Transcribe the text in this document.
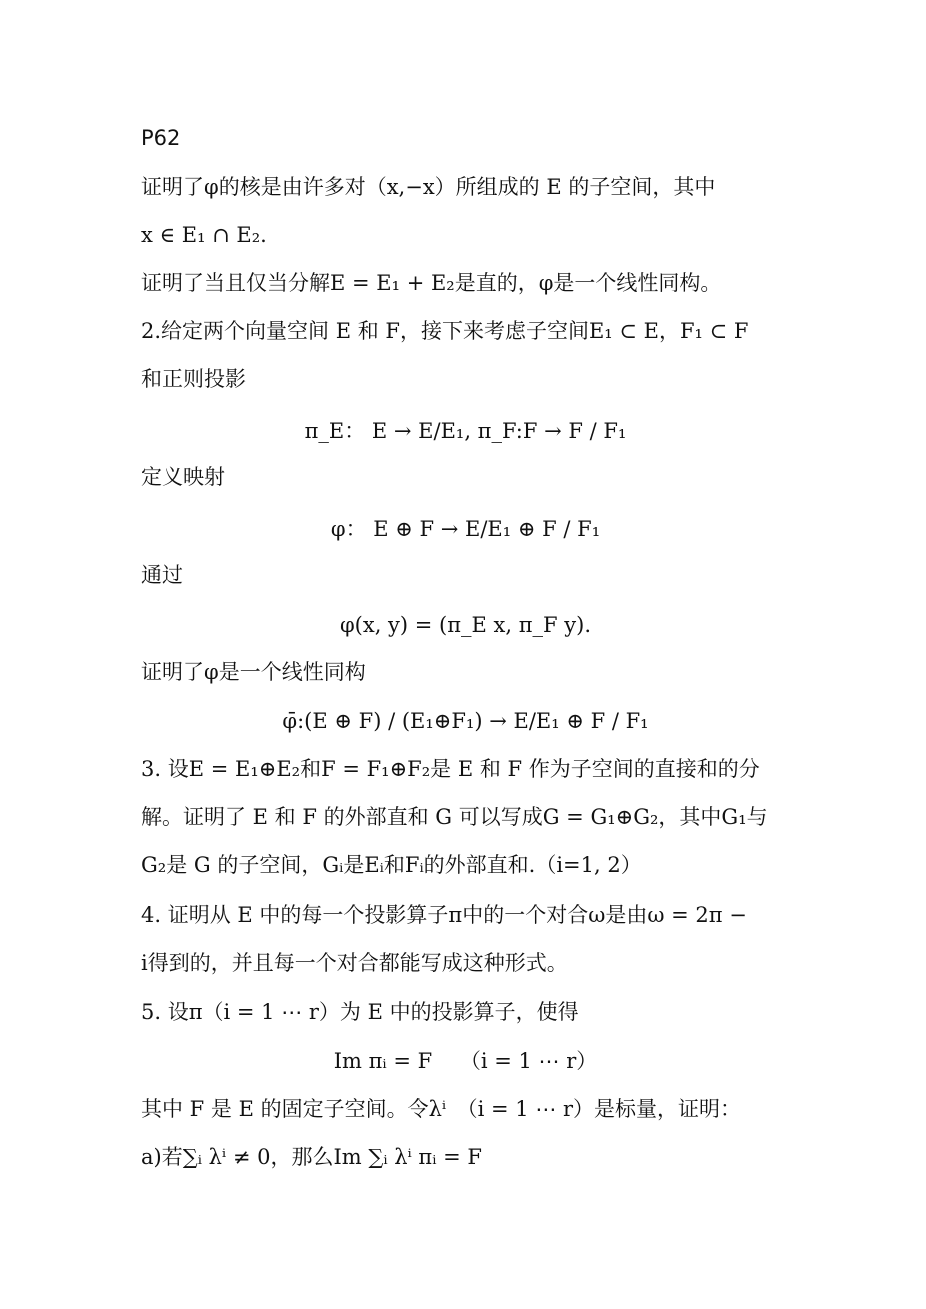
P62
证明了φ的核是由许多对（x,−x）所组成的 E 的子空间，其中
x ∈ E₁ ∩ E₂.
证明了当且仅当分解E = E₁ + E₂是直的，φ是一个线性同构。
2.给定两个向量空间 E 和 F，接下来考虑子空间E₁ ⊂ E，F₁ ⊂ F
和正则投影
π_E： E → E/E₁, π_F:F → F / F₁
定义映射
φ： E ⊕ F → E/E₁ ⊕ F / F₁
通过
φ(x, y) = (π_E x, π_F y).
证明了φ是一个线性同构
φ̄:(E ⊕ F) / (E₁⊕F₁) → E/E₁ ⊕ F / F₁
3. 设E = E₁⊕E₂和F = F₁⊕F₂是 E 和 F 作为子空间的直接和的分
解。证明了 E 和 F 的外部直和 G 可以写成G = G₁⊕G₂，其中G₁与
G₂是 G 的子空间，Gᵢ是Eᵢ和Fᵢ的外部直和.（i=1, 2）
4. 证明从 E 中的每一个投影算子π中的一个对合ω是由ω = 2π −
i得到的，并且每一个对合都能写成这种形式。
5. 设π（i = 1 ⋯ r）为 E 中的投影算子，使得
Im πᵢ = F　 （i = 1 ⋯ r）
其中 F 是 E 的固定子空间。令λⁱ　（i = 1 ⋯ r）是标量，证明：
a)若∑ᵢ λⁱ ≠ 0，那么Im ∑ᵢ λⁱ πᵢ = F
